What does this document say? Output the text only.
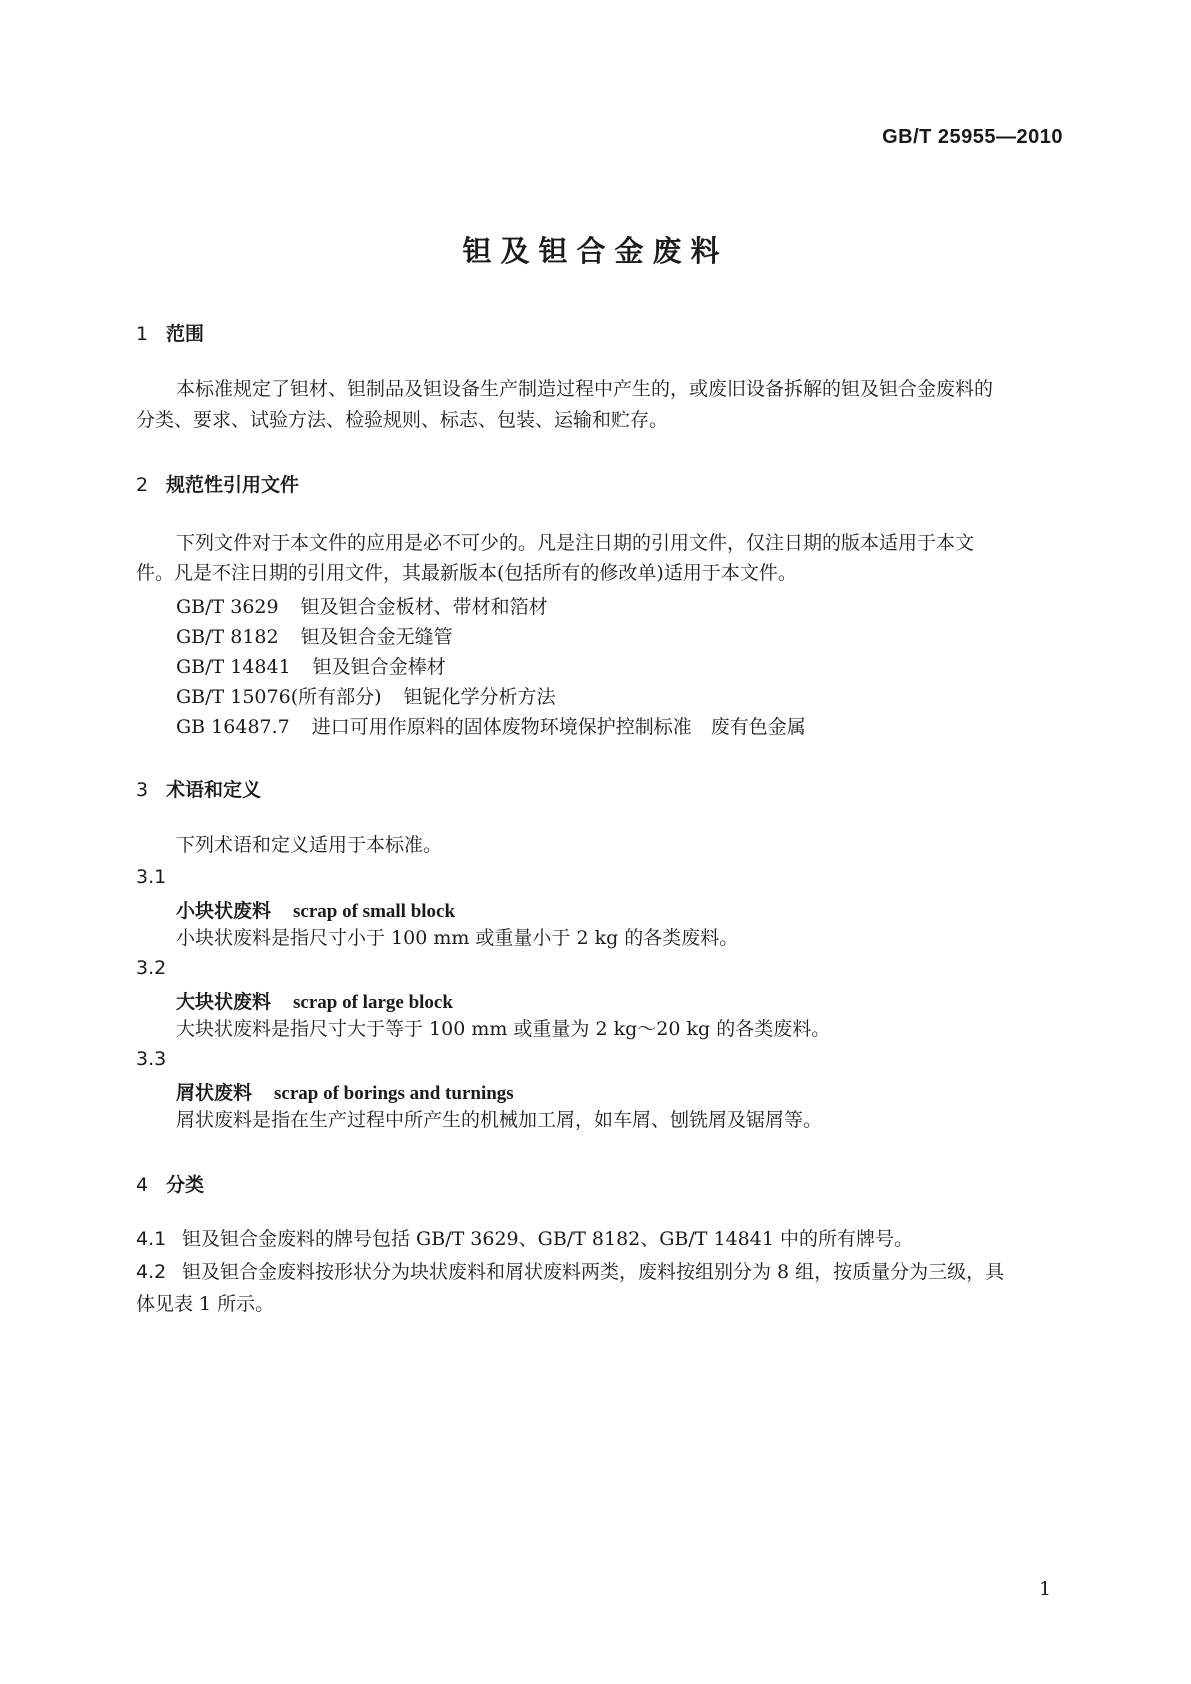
GB/T 25955—2010
钽及钽合金废料
1 范围
本标准规定了钽材、钽制品及钽设备生产制造过程中产生的，或废旧设备拆解的钽及钽合金废料的
分类、要求、试验方法、检验规则、标志、包装、运输和贮存。
2 规范性引用文件
下列文件对于本文件的应用是必不可少的。凡是注日期的引用文件，仅注日期的版本适用于本文
件。凡是不注日期的引用文件，其最新版本(包括所有的修改单)适用于本文件。
GB/T 3629 钽及钽合金板材、带材和箔材
GB/T 8182 钽及钽合金无缝管
GB/T 14841 钽及钽合金棒材
GB/T 15076(所有部分) 钽铌化学分析方法
GB 16487.7 进口可用作原料的固体废物环境保护控制标准　废有色金属
3 术语和定义
下列术语和定义适用于本标准。
3.1
小块状废料 scrap of small block
小块状废料是指尺寸小于 100 mm 或重量小于 2 kg 的各类废料。
3.2
大块状废料 scrap of large block
大块状废料是指尺寸大于等于 100 mm 或重量为 2 kg～20 kg 的各类废料。
3.3
屑状废料 scrap of borings and turnings
屑状废料是指在生产过程中所产生的机械加工屑，如车屑、刨铣屑及锯屑等。
4 分类
4.1 钽及钽合金废料的牌号包括 GB/T 3629、GB/T 8182、GB/T 14841 中的所有牌号。
4.2 钽及钽合金废料按形状分为块状废料和屑状废料两类，废料按组别分为 8 组，按质量分为三级，具
体见表 1 所示。
1
